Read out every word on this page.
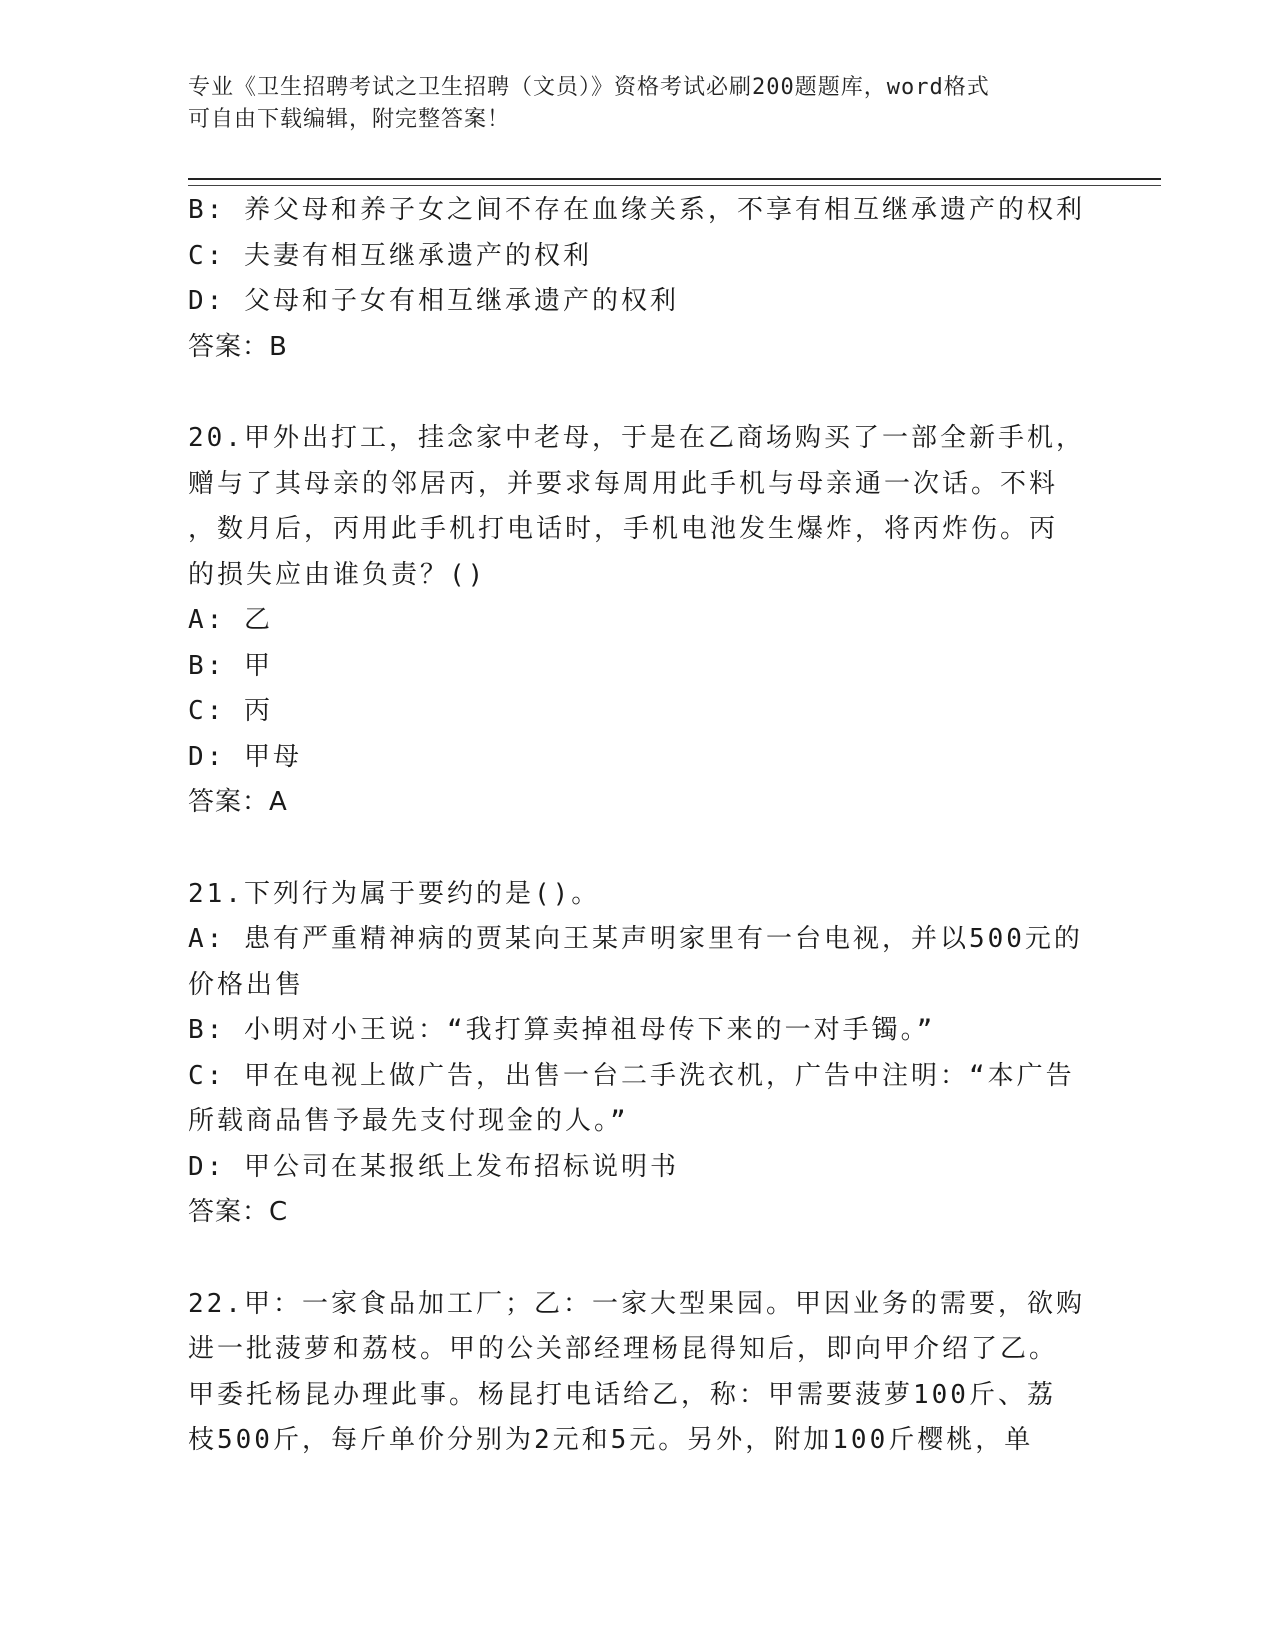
专业《卫生招聘考试之卫生招聘（文员）》资格考试必刷200题题库，word格式
可自由下载编辑，附完整答案！
B: 养父母和养子女之间不存在血缘关系，不享有相互继承遗产的权利
C: 夫妻有相互继承遗产的权利
D: 父母和子女有相互继承遗产的权利
答案：B
20.甲外出打工，挂念家中老母，于是在乙商场购买了一部全新手机，
赠与了其母亲的邻居丙，并要求每周用此手机与母亲通一次话。不料
，数月后，丙用此手机打电话时，手机电池发生爆炸，将丙炸伤。丙
的损失应由谁负责？()
A: 乙
B: 甲
C: 丙
D: 甲母
答案：A
21.下列行为属于要约的是()。
A: 患有严重精神病的贾某向王某声明家里有一台电视，并以500元的
价格出售
B: 小明对小王说：“我打算卖掉祖母传下来的一对手镯。”
C: 甲在电视上做广告，出售一台二手洗衣机，广告中注明：“本广告
所载商品售予最先支付现金的人。”
D: 甲公司在某报纸上发布招标说明书
答案：C
22.甲：一家食品加工厂；乙：一家大型果园。甲因业务的需要，欲购
进一批菠萝和荔枝。甲的公关部经理杨昆得知后，即向甲介绍了乙。
甲委托杨昆办理此事。杨昆打电话给乙，称：甲需要菠萝100斤、荔
枝500斤，每斤单价分别为2元和5元。另外，附加100斤樱桃，单
